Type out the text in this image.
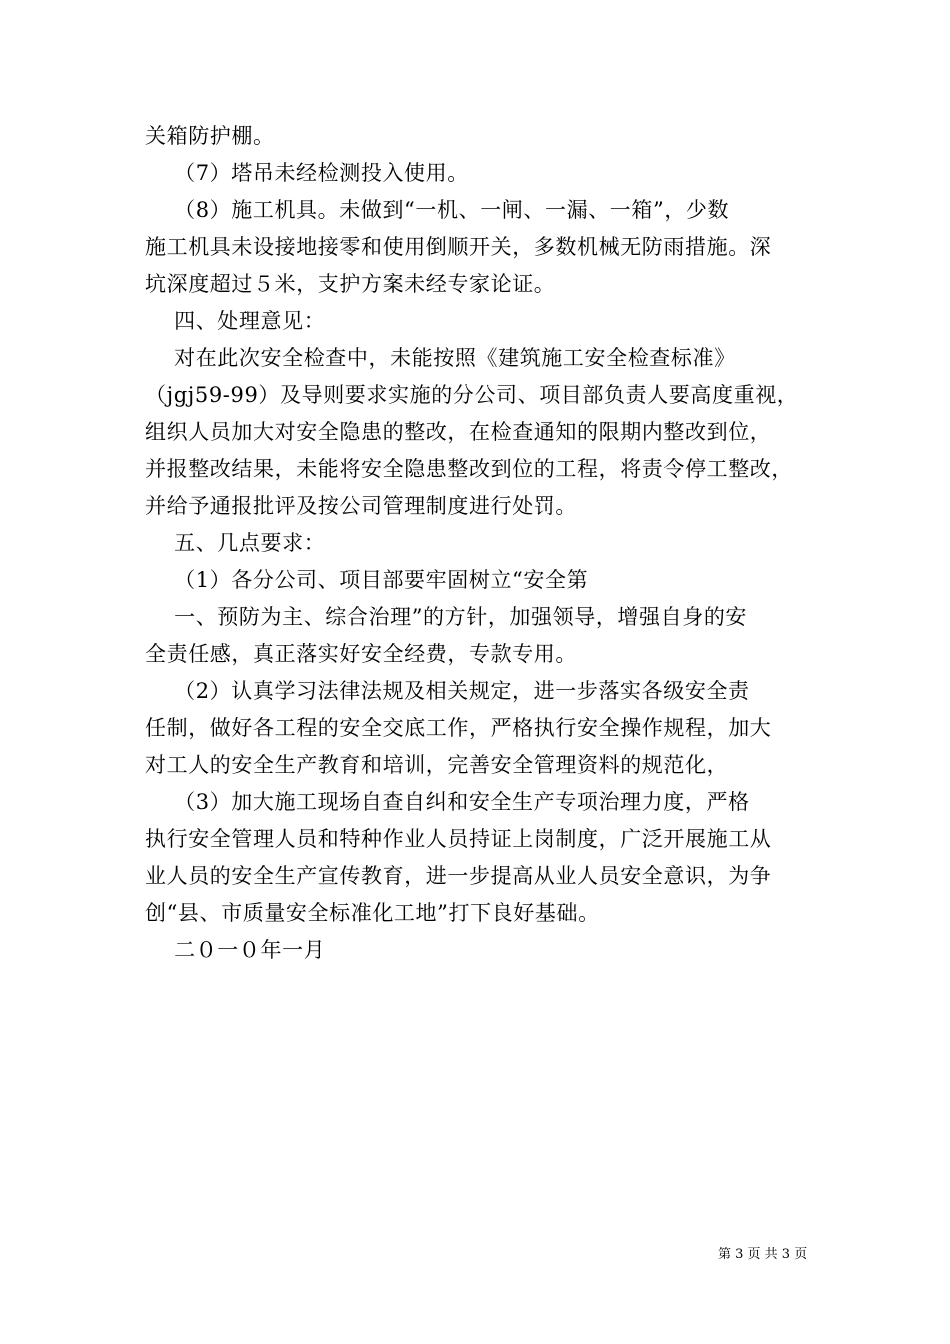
关箱防护棚。
（7）塔吊未经检测投入使用。
（8）施工机具。未做到“一机、一闸、一漏、一箱”，少数
施工机具未设接地接零和使用倒顺开关，多数机械无防雨措施。深
坑深度超过５米，支护方案未经专家论证。
四、处理意见：
对在此次安全检查中，未能按照《建筑施工安全检查标准》
（jgj59-99）及导则要求实施的分公司、项目部负责人要高度重视，
组织人员加大对安全隐患的整改，在检查通知的限期内整改到位，
并报整改结果，未能将安全隐患整改到位的工程，将责令停工整改，
并给予通报批评及按公司管理制度进行处罚。
五、几点要求：
（1）各分公司、项目部要牢固树立“安全第
一、预防为主、综合治理”的方针，加强领导，增强自身的安
全责任感，真正落实好安全经费，专款专用。
（2）认真学习法律法规及相关规定，进一步落实各级安全责
任制，做好各工程的安全交底工作，严格执行安全操作规程，加大
对工人的安全生产教育和培训，完善安全管理资料的规范化，
（3）加大施工现场自查自纠和安全生产专项治理力度，严格
执行安全管理人员和特种作业人员持证上岗制度，广泛开展施工从
业人员的安全生产宣传教育，进一步提高从业人员安全意识，为争
创“县、市质量安全标准化工地”打下良好基础。
二０一０年一月
第 3 页 共 3 页
